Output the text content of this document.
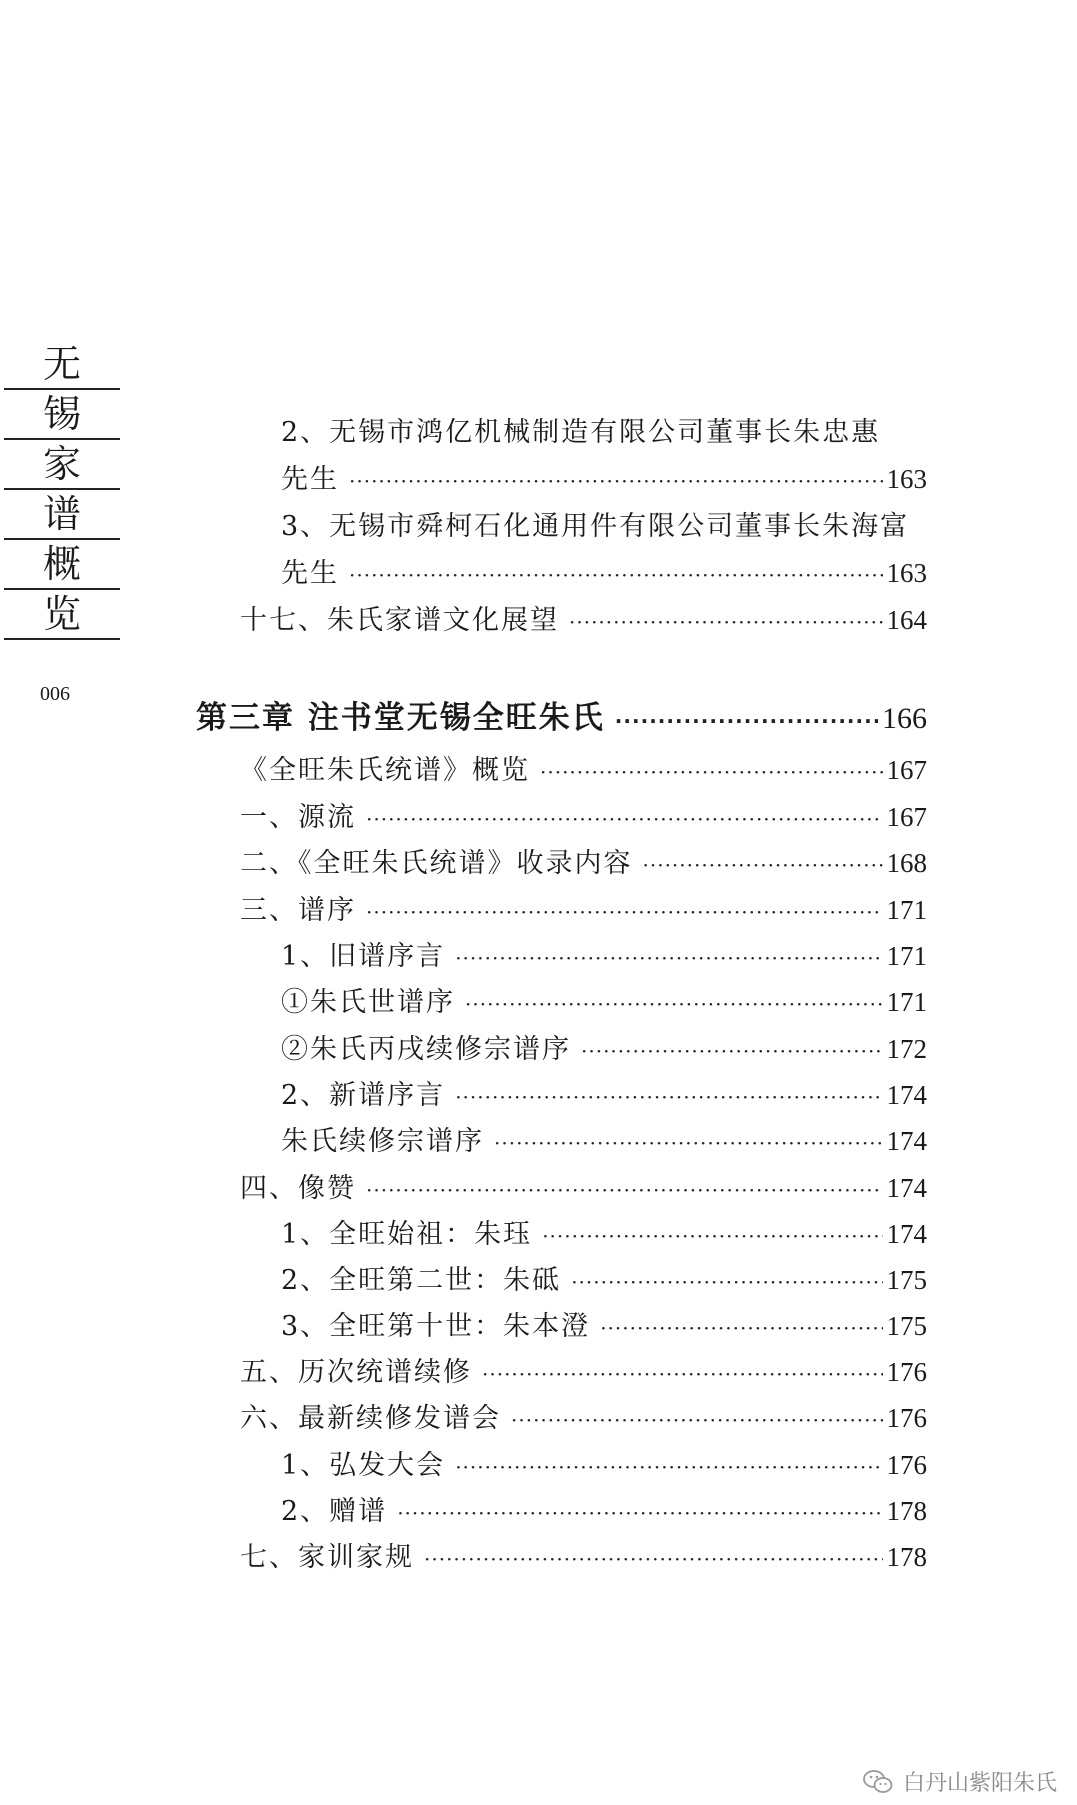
无
锡
家
谱
概
览
006
2、无锡市鸿亿机械制造有限公司董事长朱忠惠
先生 ·····	163
3、无锡市舜柯石化通用件有限公司董事长朱海富
先生 ·····	163
十七、朱氏家谱文化展望 ·····	164
第三章 注书堂无锡全旺朱氏 ·····	166
《全旺朱氏统谱》概览 ·····	167
一、源流 ·····	167
二、《全旺朱氏统谱》收录内容 ·····	168
三、谱序 ·····	171
1、旧谱序言 ·····	171
①朱氏世谱序 ·····	171
②朱氏丙戌续修宗谱序 ·····	172
2、新谱序言 ·····	174
朱氏续修宗谱序 ·····	174
四、像赞 ·····	174
1、全旺始祖：朱珏 ·····	174
2、全旺第二世：朱砥 ·····	175
3、全旺第十世：朱本澄 ·····	175
五、历次统谱续修 ·····	176
六、最新续修发谱会 ·····	176
1、弘发大会 ·····	176
2、赠谱 ·····	178
七、家训家规 ·····	178
白丹山紫阳朱氏
